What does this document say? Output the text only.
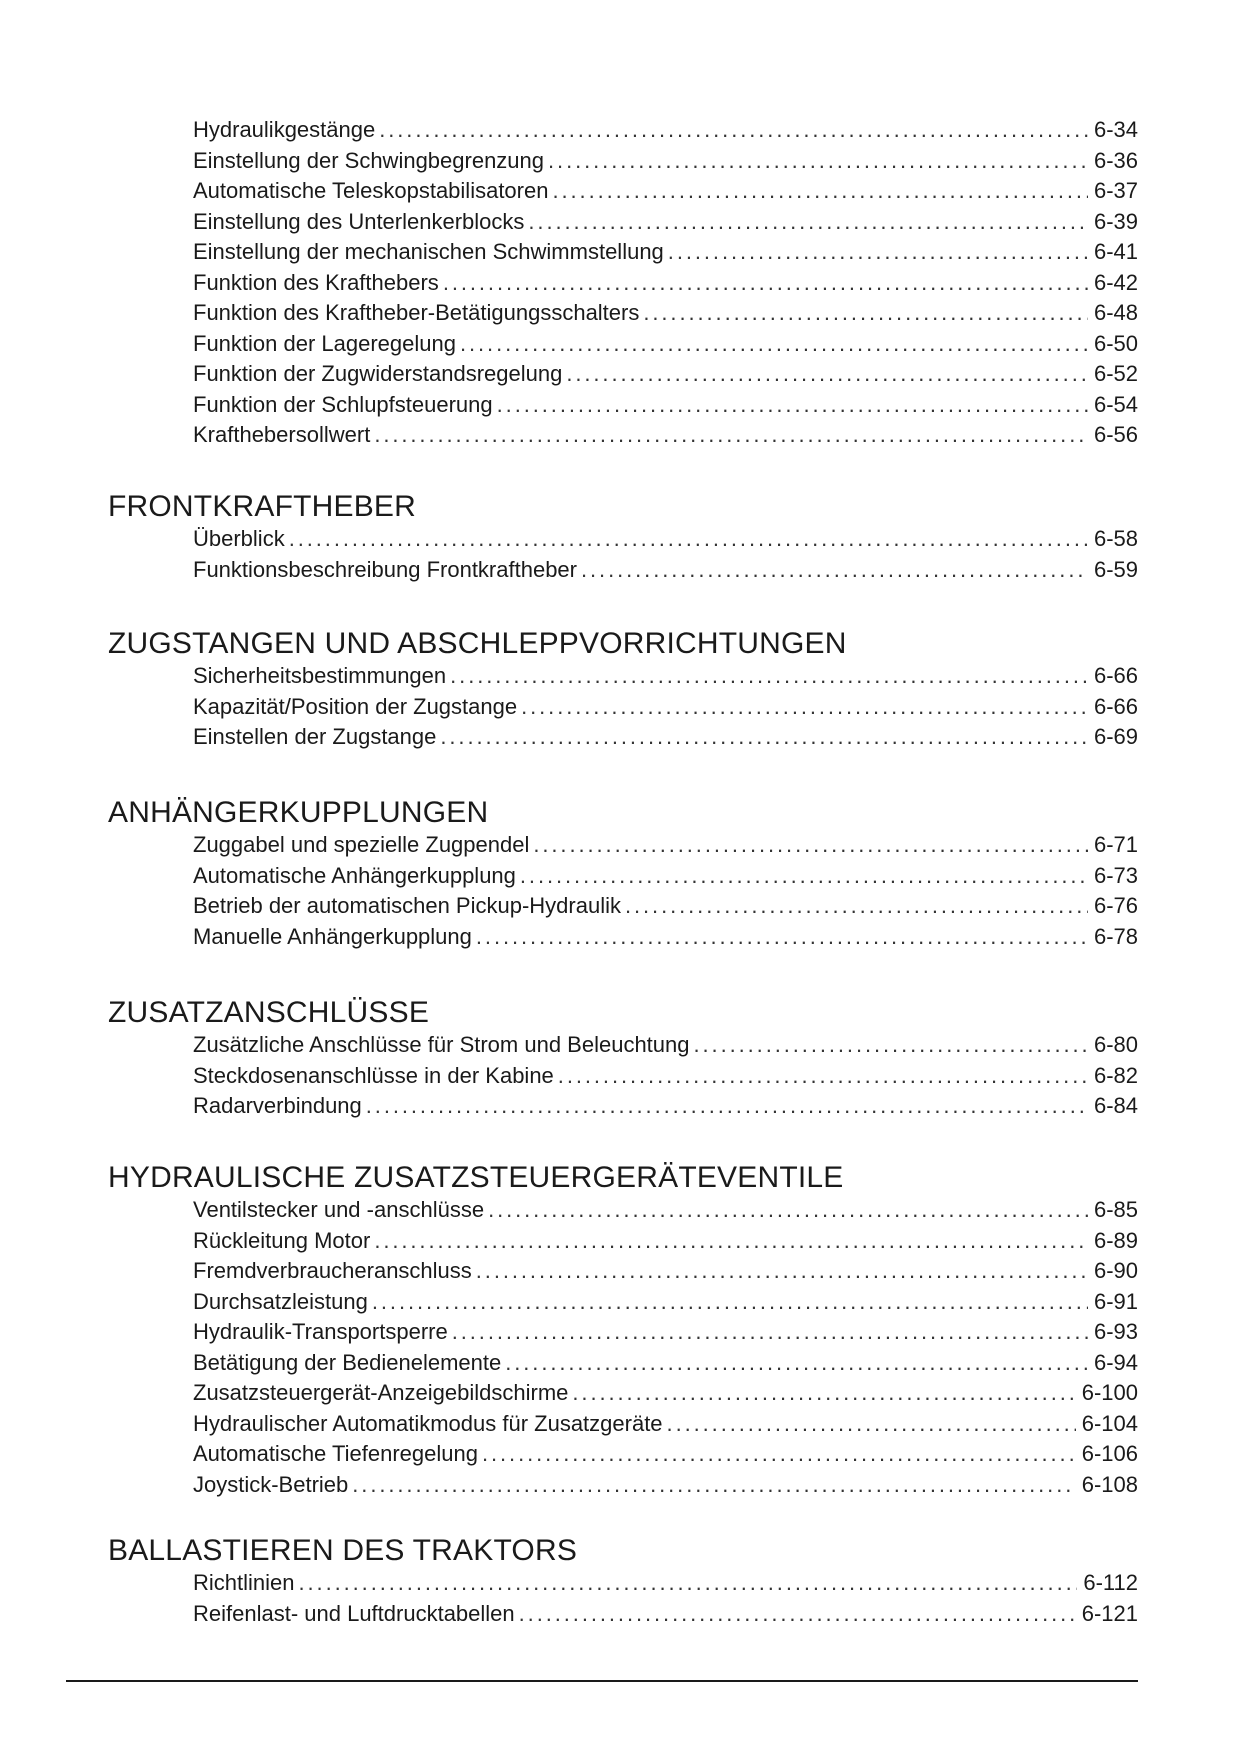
Hydraulikgestänge . . .	6-34
Einstellung der Schwingbegrenzung . . .	6-36
Automatische Teleskopstabilisatoren . . .	6-37
Einstellung des Unterlenkerblocks . . .	6-39
Einstellung der mechanischen Schwimmstellung . . .	6-41
Funktion des Krafthebers . . .	6-42
Funktion des Kraftheber-Betätigungsschalters . . .	6-48
Funktion der Lageregelung . . .	6-50
Funktion der Zugwiderstandsregelung . . .	6-52
Funktion der Schlupfsteuerung . . .	6-54
Krafthebersollwert . . .	6-56
FRONTKRAFTHEBER
Überblick . . .	6-58
Funktionsbeschreibung Frontkraftheber . . .	6-59
ZUGSTANGEN UND ABSCHLEPPVORRICHTUNGEN
Sicherheitsbestimmungen . . .	6-66
Kapazität/Position der Zugstange . . .	6-66
Einstellen der Zugstange . . .	6-69
ANHÄNGERKUPPLUNGEN
Zuggabel und spezielle Zugpendel . . .	6-71
Automatische Anhängerkupplung . . .	6-73
Betrieb der automatischen Pickup-Hydraulik . . .	6-76
Manuelle Anhängerkupplung . . .	6-78
ZUSATZANSCHLÜSSE
Zusätzliche Anschlüsse für Strom und Beleuchtung . . .	6-80
Steckdosenanschlüsse in der Kabine . . .	6-82
Radarverbindung . . .	6-84
HYDRAULISCHE ZUSATZSTEUERGERÄTEVENTILE
Ventilstecker und -anschlüsse . . .	6-85
Rückleitung Motor . . .	6-89
Fremdverbraucheranschluss . . .	6-90
Durchsatzleistung . . .	6-91
Hydraulik-Transportsperre . . .	6-93
Betätigung der Bedienelemente . . .	6-94
Zusatzsteuergerät-Anzeigebildschirme . . .	6-100
Hydraulischer Automatikmodus für Zusatzgeräte . . .	6-104
Automatische Tiefenregelung . . .	6-106
Joystick-Betrieb . . .	6-108
BALLASTIEREN DES TRAKTORS
Richtlinien . . .	6-112
Reifenlast- und Luftdrucktabellen . . .	6-121
